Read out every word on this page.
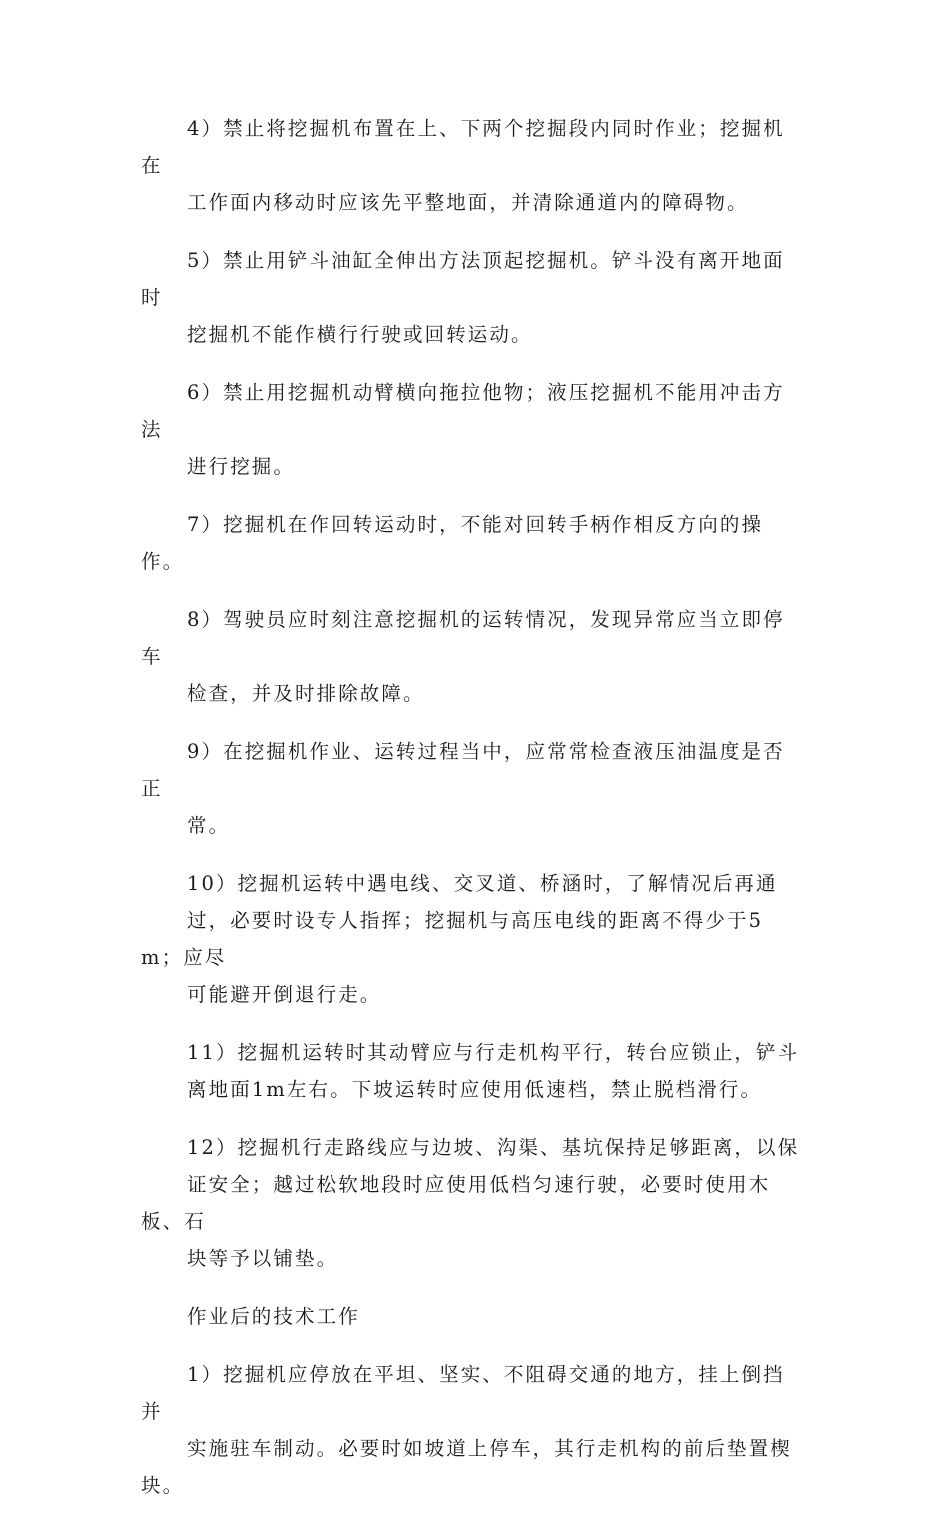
4）禁止将挖掘机布置在上、下两个挖掘段内同时作业；挖掘机在
工作面内移动时应该先平整地面，并清除通道内的障碍物。

5）禁止用铲斗油缸全伸出方法顶起挖掘机。铲斗没有离开地面时
挖掘机不能作横行行驶或回转运动。

6）禁止用挖掘机动臂横向拖拉他物；液压挖掘机不能用冲击方法
进行挖掘。

7）挖掘机在作回转运动时，不能对回转手柄作相反方向的操作。

8）驾驶员应时刻注意挖掘机的运转情况，发现异常应当立即停车
检查，并及时排除故障。

9）在挖掘机作业、运转过程当中，应常常检查液压油温度是否正
常。

10）挖掘机运转中遇电线、交叉道、桥涵时，了解情况后再通
过，必要时设专人指挥；挖掘机与高压电线的距离不得少于5m；应尽
可能避开倒退行走。

11）挖掘机运转时其动臂应与行走机构平行，转台应锁止，铲斗
离地面1m左右。下坡运转时应使用低速档，禁止脱档滑行。

12）挖掘机行走路线应与边坡、沟渠、基坑保持足够距离，以保
证安全；越过松软地段时应使用低档匀速行驶，必要时使用木板、石
块等予以铺垫。

作业后的技术工作

1）挖掘机应停放在平坦、坚实、不阻碍交通的地方，挂上倒挡并
实施驻车制动。必要时如坡道上停车，其行走机构的前后垫置楔块。
